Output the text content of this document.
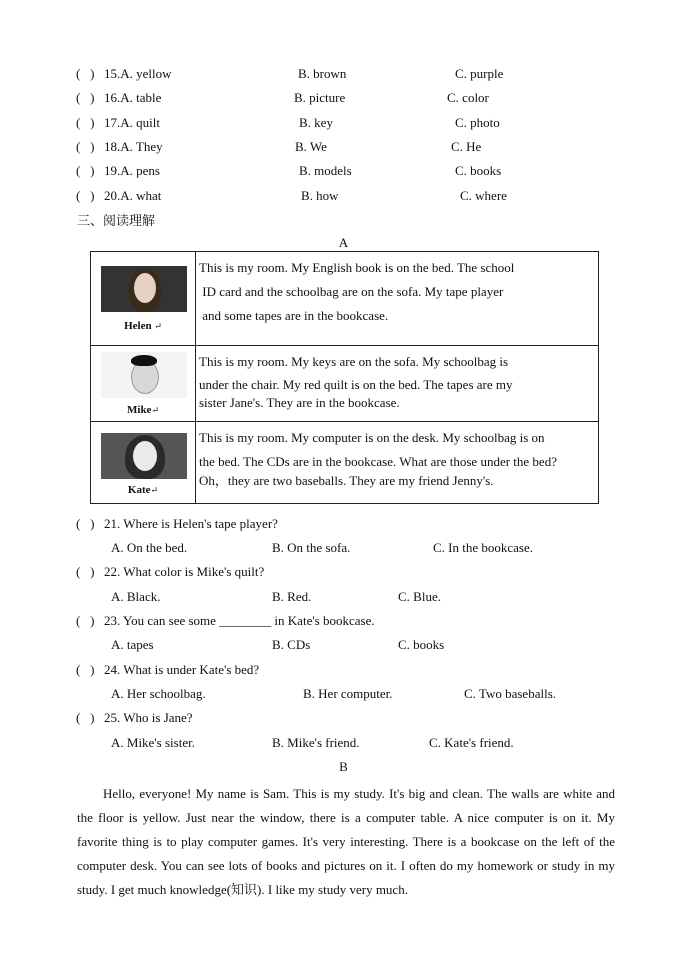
(   ) 15.A. yellow	B. brown	C. purple
(   ) 16.A. table	B. picture	C. color
(   ) 17.A. quilt	B. key	C. photo
(   ) 18.A. They	B. We	C. He
(   ) 19.A. pens	B. models	C. books
(   ) 20.A. what	B. how	C. where
三、阅读理解
A
Helen ↵	This is my room. My English book is on the bed. The school
ID card and the schoolbag are on the sofa. My tape player
and some tapes are in the bookcase.

Mike↵	This is my room. My keys are on the sofa. My schoolbag is
under the chair. My red quilt is on the bed. The tapes are my
sister Jane's. They are in the bookcase.

Kate↵	This is my room. My computer is on the desk. My schoolbag is on
the bed. The CDs are in the bookcase. What are those under the bed?
Oh，they are two baseballs. They are my friend Jenny's.
(   ) 21. Where is Helen's tape player?
A. On the bed.	B. On the sofa.	C. In the bookcase.
(   ) 22. What color is Mike's quilt?
A. Black.	B. Red.	C. Blue.
(   ) 23. You can see some ________ in Kate's bookcase.
A. tapes	B. CDs	C. books
(   ) 24. What is under Kate's bed?
A. Her schoolbag.	B. Her computer.	C. Two baseballs.
(   ) 25. Who is Jane?
A. Mike's sister.	B. Mike's friend.	C. Kate's friend.
B
Hello, everyone! My name is Sam. This is my study. It's big and clean. The walls are white and the floor is yellow. Just near the window, there is a computer table. A nice computer is on it. My favorite thing is to play computer games. It's very interesting. There is a bookcase on the left of the computer desk. You can see lots of books and pictures on it. I often do my homework or study in my study. I get much knowledge(知识). I like my study very much.
